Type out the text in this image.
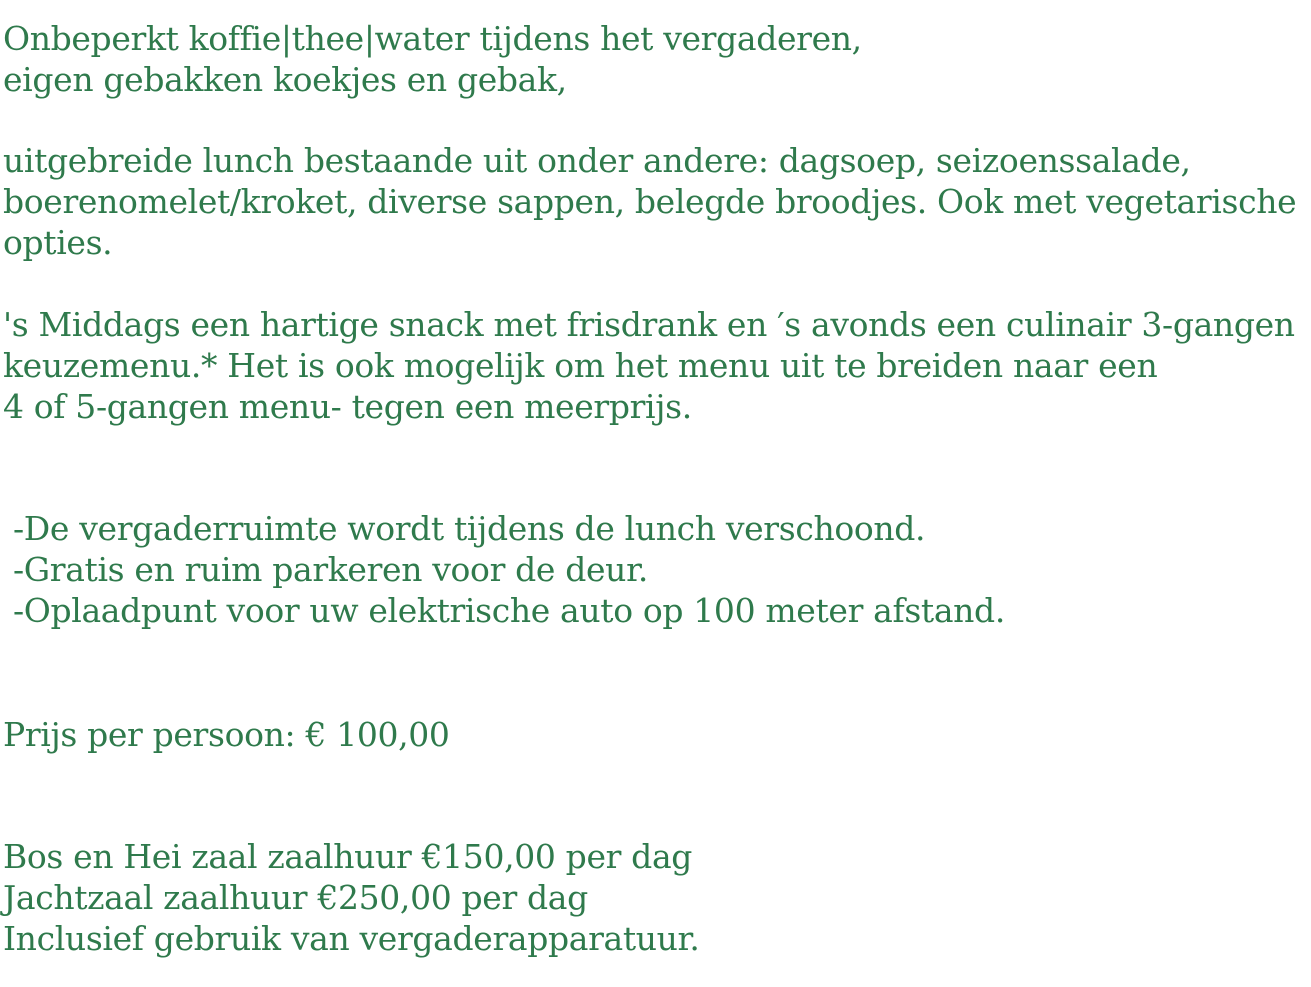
Onbeperkt koffie|thee|water tijdens het vergaderen,
eigen gebakken koekjes en gebak,
uitgebreide lunch bestaande uit onder andere: dagsoep, seizoenssalade,
boerenomelet/kroket, diverse sappen, belegde broodjes. Ook met vegetarische
opties.
's Middags een hartige snack met frisdrank en ′s avonds een culinair 3-gangen
keuzemenu.* Het is ook mogelijk om het menu uit te breiden naar een
4 of 5-gangen menu- tegen een meerprijs.
-De vergaderruimte wordt tijdens de lunch verschoond.
-Gratis en ruim parkeren voor de deur.
-Oplaadpunt voor uw elektrische auto op 100 meter afstand.
Prijs per persoon: € 100,00
Bos en Hei zaal zaalhuur €150,00 per dag
Jachtzaal zaalhuur €250,00 per dag
Inclusief gebruik van vergaderapparatuur.
